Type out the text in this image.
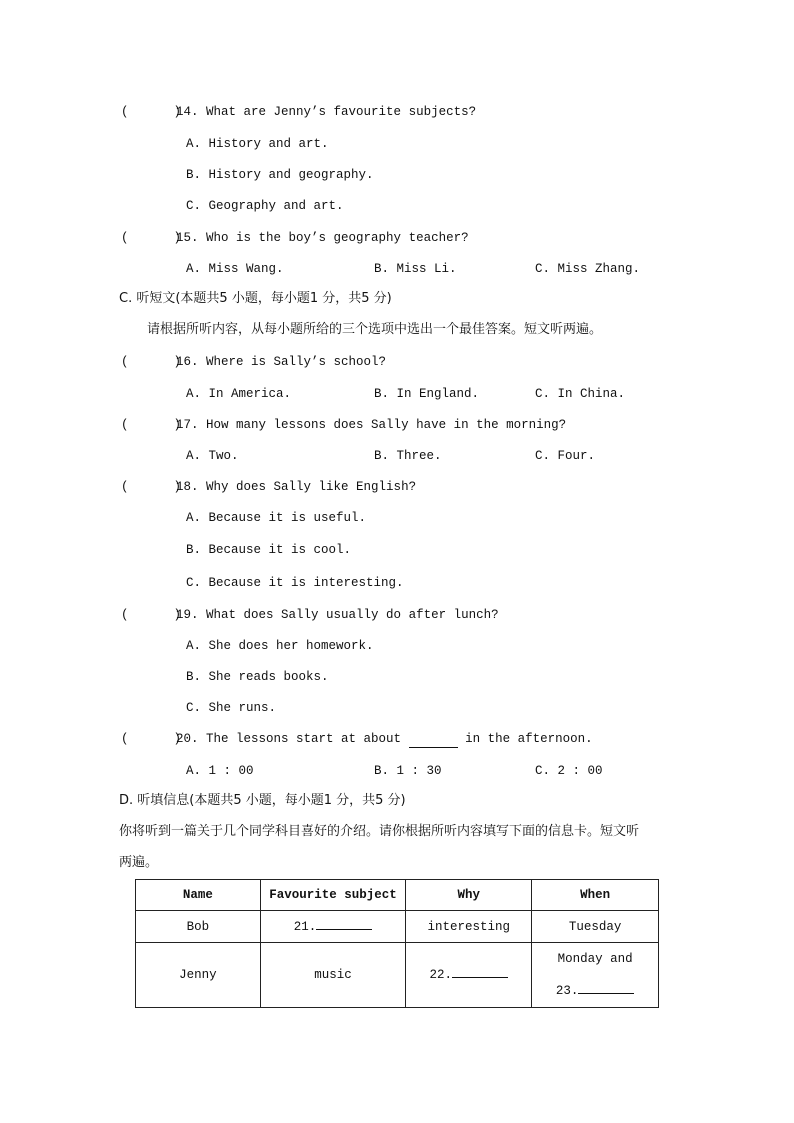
(      )
14. What are Jenny’s favourite subjects?
A. History and art.
B. History and geography.
C. Geography and art.
(      )
15. Who is the boy’s geography teacher?
A. Miss Wang.	B. Miss Li.	C. Miss Zhang.
C. 听短文(本题共5 小题，每小题1 分，共5 分)
请根据所听内容，从每小题所给的三个选项中选出一个最佳答案。短文听两遍。
(      )
16. Where is Sally’s school?
A. In America.	B. In England.	C. In China.
(      )
17. How many lessons does Sally have in the morning?
A. Two.	B. Three.	C. Four.
(      )
18. Why does Sally like English?
A. Because it is useful.
B. Because it is cool.
C. Because it is interesting.
(      )
19. What does Sally usually do after lunch?
A. She does her homework.
B. She reads books.
C. She runs.
(      )
20. The lessons start at about	in the afternoon.
A. 1 : 00	B. 1 : 30	C. 2 : 00
D. 听填信息(本题共5 小题，每小题1 分，共5 分)
你将听到一篇关于几个同学科目喜好的介绍。请你根据所听内容填写下面的信息卡。短文听
两遍。
Name	Favourite subject	Why	When
Bob	21.	interesting	Tuesday
Jenny	music	22.	Monday and
23.
